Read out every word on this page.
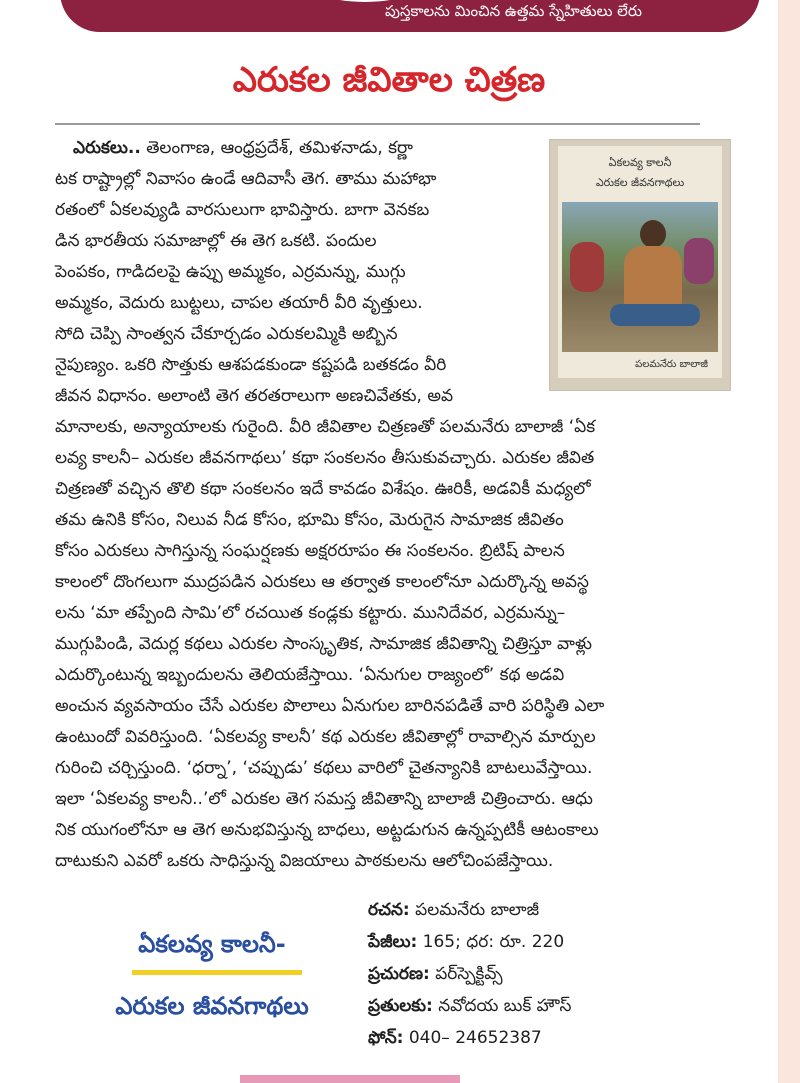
పుస్తకాలను మించిన ఉత్తమ స్నేహితులు లేరు
ఎరుకల జీవితాల చిత్రణ
ఏకలవ్య కాలనీ
ఎరుకల జీవనగాథలు
పలమనేరు బాలాజీ
ఎరుకలు.. తెలంగాణ, ఆంధ్రప్రదేశ్‌, తమిళనాడు, కర్ణా
టక రాష్ట్రాల్లో నివాసం ఉండే ఆదివాసీ తెగ. తాము మహాభా
రతంలో ఏకలవ్యుడి వారసులుగా భావిస్తారు. బాగా వెనకబ
డిన భారతీయ సమాజాల్లో ఈ తెగ ఒకటి. పందుల
పెంపకం, గాడిదలపై ఉప్పు అమ్మకం, ఎర్రమన్ను, ముగ్గు
అమ్మకం, వెదురు బుట్టలు, చాపల తయారీ వీరి వృత్తులు.
సోది చెప్పి సాంత్వన చేకూర్చడం ఎరుకలమ్మికి అబ్బిన
నైపుణ్యం. ఒకరి సొత్తుకు ఆశపడకుండా కష్టపడి బతకడం వీరి
జీవన విధానం. అలాంటి తెగ తరతరాలుగా అణచివేతకు, అవ
మానాలకు, అన్యాయాలకు గురైంది. వీరి జీవితాల చిత్రణతో పలమనేరు బాలాజీ ‘ఏక
లవ్య కాలనీ– ఎరుకల జీవనగాథలు’ కథా సంకలనం తీసుకువచ్చారు. ఎరుకల జీవిత
చిత్రణతో వచ్చిన తొలి కథా సంకలనం ఇదే కావడం విశేషం. ఊరికీ, అడవికీ మధ్యలో
తమ ఉనికి కోసం, నిలువ నీడ కోసం, భూమి కోసం, మెరుగైన సామాజిక జీవితం
కోసం ఎరుకలు సాగిస్తున్న సంఘర్షణకు అక్షరరూపం ఈ సంకలనం. బ్రిటిష్‌ పాలన
కాలంలో దొంగలుగా ముద్రపడిన ఎరుకలు ఆ తర్వాత కాలంలోనూ ఎదుర్కొన్న అవస్థ
లను ‘మా తప్పేంది సామి’లో రచయిత కండ్లకు కట్టారు. మునిదేవర, ఎర్రమన్ను–
ముగ్గుపిండి, వెదుర్ల కథలు ఎరుకల సాంస్కృతిక, సామాజిక జీవితాన్ని చిత్రిస్తూ వాళ్లు
ఎదుర్కొంటున్న ఇబ్బందులను తెలియజేస్తాయి. ‘ఏనుగుల రాజ్యంలో’ కథ అడవి
అంచున వ్యవసాయం చేసే ఎరుకల పొలాలు ఏనుగుల బారినపడితే వారి పరిస్థితి ఎలా
ఉంటుందో వివరిస్తుంది. ‘ఏకలవ్య కాలనీ’ కథ ఎరుకల జీవితాల్లో రావాల్సిన మార్పుల
గురించి చర్చిస్తుంది. ‘ధర్నా’, ‘చప్పుడు’ కథలు వారిలో చైతన్యానికి బాటలువేస్తాయి.
ఇలా ‘ఏకలవ్య కాలనీ..’లో ఎరుకల తెగ సమస్త జీవితాన్ని బాలాజీ చిత్రించారు. ఆధు
నిక యుగంలోనూ ఆ తెగ అనుభవిస్తున్న బాధలు, అట్టడుగున ఉన్నప్పటికీ ఆటంకాలు
దాటుకుని ఎవరో ఒకరు సాధిస్తున్న విజయాలు పాఠకులను ఆలోచింపజేస్తాయి.
ఏకలవ్య కాలనీ-
ఎరుకల జీవనగాథలు
రచన: పలమనేరు బాలాజీ
పేజీలు: 165; ధర: రూ. 220
ప్రచురణ: పర్‌స్పెక్టివ్స్‌
ప్రతులకు: నవోదయ బుక్‌ హౌస్‌
ఫోన్‌: 040– 24652387
